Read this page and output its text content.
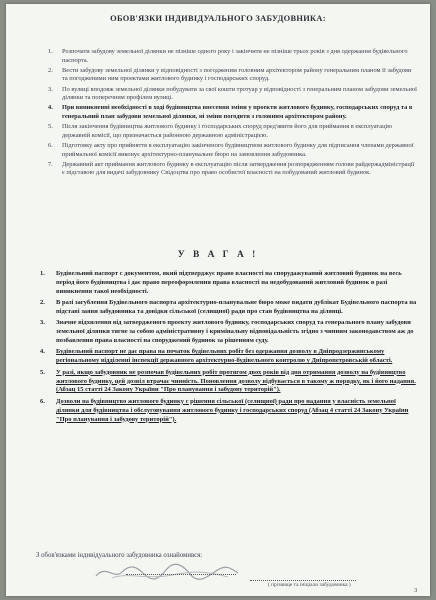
ОБОВ'ЯЗКИ ІНДИВІДУАЛЬНОГО ЗАБУДОВНИКА:
1. Розпочати забудову земельної ділянки не пізніше одного року і закінчити не пізніше трьох років з дня одержання будівельного паспорта.
2. Вести забудову земельної ділянки у відповідності з погодженим головним архітектором району генеральним планом її забудови та погодженими ним проектами житлового будинку і господарських споруд.
3. По вулиці вподовж земельної ділянки побудувати за свої кошти тротуар у відповідності з генеральним планом забудови земельної ділянки та поперечним профілем вулиці.
4. При виникненні необхідності в ході будівництва внесення зміни у проекти житлового будинку, господарських споруд та в генеральний план забудови земельної ділянки, ні зміни погодити з головним архітектором району.
5. Після закінчення будівництва житлового будинку і господарських споруд пред'явити його для приймання в експлуатацію державній комісії, що призначається районною державною адміністрацією.
6. Підготовку акту про прийняття в експлуатацію закінченого будівництвом житлового будинку для підписання членами державної приймальної комісії виконує архітектурно-планувальне бюро на замовлення забудовника.
7. Державний акт приймання житлового будинку в експлуатацію після затвердження розпорядженням голови райдержадміністрації є підставою для видачі забудовнику Свідоцтва про право особистої власності на побудований житловий будинок.
У В А Г А !
1. Будівельний паспорт с документом, який підтверджує право власності на спорудажуваний житловий будинок на весь період його будівництва і дає право переоформлення права власності на недобудований житловий будинок в разі виникнення такої необхідності.
2. В разі загублення Будівельного паспорта архітектурно-планувальне бюро може видати дублікат Будівельного паспорта на підставі заяви забудовника та довідки сільської (селищної) ради про стан будівництва на ділянці.
3. Значне відхилення від затвердженого проекту житлового будинку, господарських споруд та генерального плану забудови земельної ділянки тягне за собою адміністративну і кримінальну відповідальність згідно з чинним законодавством аж до позбавлення права власності на споруджений будинок за рішенням суду.
4. Будівельний паспорт не дає права на початок будівельних робіт без одержання дозволу в Дніпродзержинському регіональному відділенні інспекції державного архітектурно-будівельного контролю у Дніпропетровській області.
5. У разі, якщо забудовник не розпочав будівельних робіт протягом двох років від дня отримання дозволу на будівництво житлового будинку, цей дозвіл втрачає чинність. Поновлення дозволу відбувається в такому ж порядку, як і його надання. (Абзац 15 статті 24 Закону України "Про планування і забудову територій").
6. Дозволи на будівництво житлового будинку с рішення сільської (селищної) ради про надання у власність земельної ділянки для будівництва і обслуговування житлового будинку і господарських споруд (Абзац 4 статті 24 Закону України "Про планування і забудову територій").
З обов'язками індивідуального забудовника ознайомився:
( прізвище та ініціали забудовника )
3
